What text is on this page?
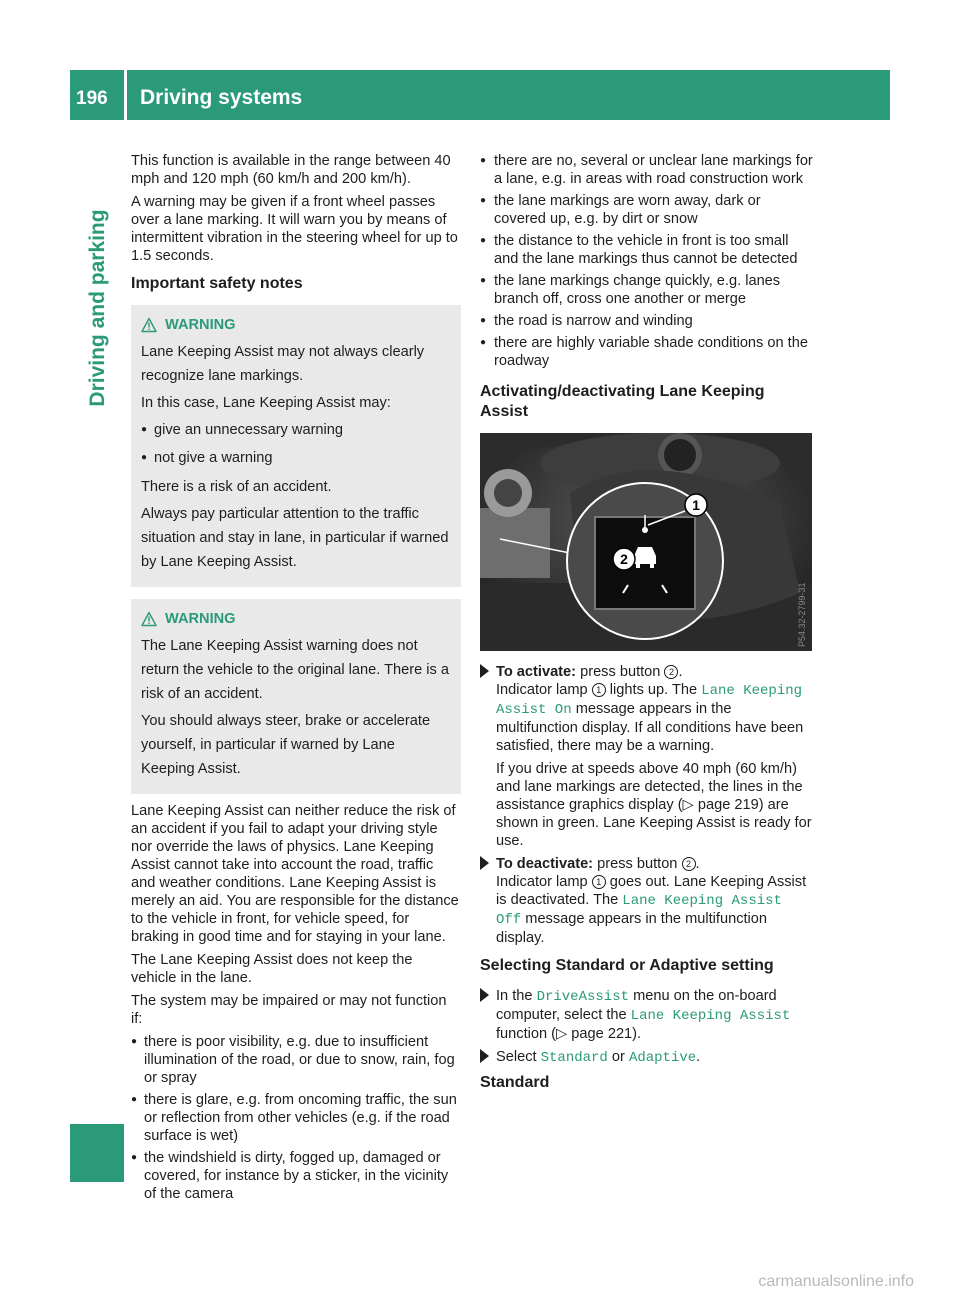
196	Driving systems
Driving and parking

This function is available in the range between 40 mph and 120 mph (60 km/h and 200 km/h).

A warning may be given if a front wheel passes over a lane marking. It will warn you by means of intermittent vibration in the steering wheel for up to 1.5 seconds.

Important safety notes
WARNING

Lane Keeping Assist may not always clearly recognize lane markings.

In this case, Lane Keeping Assist may:

● give an unnecessary warning
● not give a warning

There is a risk of an accident.

Always pay particular attention to the traffic situation and stay in lane, in particular if warned by Lane Keeping Assist.

WARNING

The Lane Keeping Assist warning does not return the vehicle to the original lane. There is a risk of an accident.

You should always steer, brake or accelerate yourself, in particular if warned by Lane Keeping Assist.

Lane Keeping Assist can neither reduce the risk of an accident if you fail to adapt your driving style nor override the laws of physics. Lane Keeping Assist cannot take into account the road, traffic and weather conditions. Lane Keeping Assist is merely an aid. You are responsible for the distance to the vehicle in front, for vehicle speed, for braking in good time and for staying in your lane.

The Lane Keeping Assist does not keep the vehicle in the lane.

The system may be impaired or may not function if:

● there is poor visibility, e.g. due to insufficient illumination of the road, or due to snow, rain, fog or spray
● there is glare, e.g. from oncoming traffic, the sun or reflection from other vehicles (e.g. if the road surface is wet)
● the windshield is dirty, fogged up, damaged or covered, for instance by a sticker, in the vicinity of the camera
● there are no, several or unclear lane markings for a lane, e.g. in areas with road construction work
● the lane markings are worn away, dark or covered up, e.g. by dirt or snow
● the distance to the vehicle in front is too small and the lane markings thus cannot be detected
● the lane markings change quickly, e.g. lanes branch off, cross one another or merge
● the road is narrow and winding
● there are highly variable shade conditions on the roadway
Activating/deactivating Lane Keeping Assist
1
2
P54.32-2799-31
To activate: press button 2 .
Indicator lamp 1 lights up. The Lane Keeping Assist On message appears in the multifunction display. If all conditions have been satisfied, there may be a warning.

If you drive at speeds above 40 mph (60 km/h) and lane markings are detected, the lines in the assistance graphics display (▷ page 219) are shown in green. Lane Keeping Assist is ready for use.

To deactivate: press button 2 .
Indicator lamp 1 goes out. Lane Keeping Assist is deactivated. The Lane Keeping Assist Off message appears in the multifunction display.
Selecting Standard or Adaptive setting
In the DriveAssist menu on the on-board computer, select the Lane Keeping Assist function (▷ page 221).
Select Standard or Adaptive.
Standard
carmanualsonline.info
